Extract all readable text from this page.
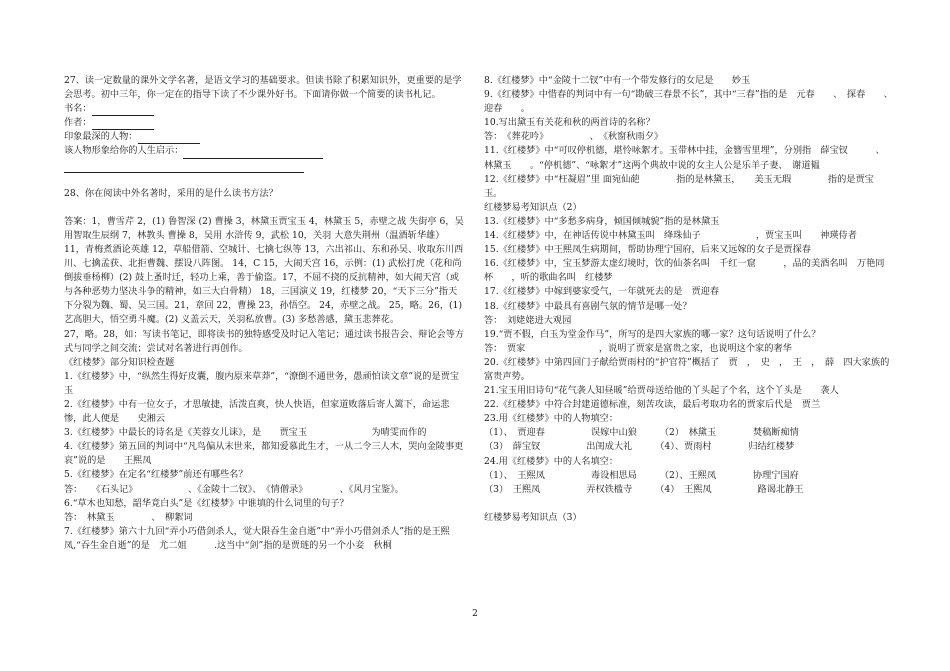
27、读一定数量的课外文学名著，是语文学习的基础要求。但读书除了积累知识外，更重要的是学会思考。初中三年，你一定在的指导下读了不少课外好书。下面请你做一个简要的读书札记。

书名：

作者：

印象最深的人物：

该人物形象给你的人生启示：

28、你在阅读中外名著时，采用的是什么读书方法？

答案：1，曹雪芹 2，(1) 鲁智深 (2) 曹操 3，林黛玉贾宝玉 4，林黛玉 5，赤壁之战 失街亭 6，吴用智取生辰纲 7，林教头 曹操 8，吴用 水浒传 9，武松 10，关羽 大意失荆州（温酒斩华雄） 11，青梅煮酒论英雄 12，草船借箭、空城计、七擒七纵等 13，六出祁山、东和孙吴、收取东川西川、七擒孟获、北拒曹魏、摆设八阵图。 14，C 15，大闹天宫 16，示例：(1) 武松打虎（花和尚倒拔垂杨柳）(2) 鼓上蚤时迁，轻功上乘，善于偷盗。17，不屈不挠的反抗精神，如大闹天宫（或与各种恶势力坚决斗争的精神，如三大白骨精） 18，三国演义 19，红楼梦 20，“天下三分”指天下分裂为魏、蜀、吴三国。21，章回 22，曹操 23，孙悟空。 24，赤壁之战。 25，略。26，(1) 艺高胆大，悟空勇斗魔。(2) 义盖云天，关羽私放曹。(3) 多愁善感，黛玉悲葬花。

27，略。28，如：写读书笔记，即将读书的独特感受及时记入笔记；通过读书报告会、辩论会等方式与同学之间交流；尝试对名著进行再创作。

《红楼梦》部分知识检查题

1.《红楼梦》中，“纵然生得好皮囊，腹内原来草莽”，“潦倒不通世务，愚顽怕读文章”说的是贾宝玉

2.《红楼梦》中有一位女子，才思敏捷，活泼直爽，快人快语，但家道败落后寄人篱下，命运悲惨，此人便是　　史湘云

3.《红楼梦》中最长的诗名是《芙蓉女儿诔》，是　　贾宝玉　　　　　　　为晴雯而作的

4.《红楼梦》第五回的判词中“凡鸟偏从末世来，都知爱慕此生才，一从二令三人木，哭向金陵事更哀”说的是　　王熙凤

5.《红楼梦》在定名“红楼梦”前还有哪些名？

答：　　《石头记》　　　　　　、《金陵十二钗》、　《情僧录》　　　　、《风月宝鉴》。

6.“草木也知愁，韶华竟白头”是《红楼梦》中谁填的什么词里的句子？

答：　林黛玉　　　　、　柳絮词

7.《红楼梦》第六十九回“弄小巧借剑杀人，觉大限吞生金自逝”中“弄小巧借剑杀人”指的是王熙凤,“吞生金自逝”的是　尤二姐　　　.这当中“剑”指的是贾琏的另一个小妾　秋桐

8.《红楼梦》中“金陵十二钗”中有一个带发修行的女尼是　　妙玉

9.《红楼梦》中惜春的判词中有一句“勘破三春景不长”，其中“三春”指的是　元春　　、　探春　　、　迎春　　。

10.写出黛玉有关花和秋的两首诗的名称？

答：　《葬花吟》　　　　　、　《秋窗秋雨夕》

11.《红楼梦》中“可叹停机德，堪怜咏絮才。玉带林中挂，金簪雪里埋”，分别指　薛宝钗　　　、林黛玉　　。“停机德”、“咏絮才”这两个典故中说的女主人公是乐羊子妻、　谢道韫

12.《红楼梦》中“枉凝眉”里 面宛仙葩　　　　指的是林黛玉，　　美玉无瑕　　　　指的是贾宝玉。

红楼梦易考知识点（2）

13.《红楼梦》中“多愁多病身，倾国倾城貌”指的是林黛玉

14.《红楼梦》中，在神话传说中林黛玉叫　绛珠仙子　　　　　　，贾宝玉叫　　神瑛侍者

15.《红楼梦》中王熙凤生病期间，帮助协理宁国府，后来又远嫁的女子是贾探春

16.《红楼梦》中，宝玉梦游太虚幻境时，饮的仙茶名叫　千红一窟　　　，品的美酒名叫　万艳同杯　　，听的歌曲名叫　红楼梦

17.《红楼梦》中嫁到婆家受气，一年就死去的是　贾迎春

18.《红楼梦》中最具有喜剧气氛的情节是哪一处？

答：　刘姥姥进大观园

19.“贾不假，白玉为堂金作马”，所写的是四大家族的哪一家？这句话说明了什么？

答：　贾家　　　　　　　　，说明了贾家是富贵之家，也说明这个家的奢华

20.《红楼梦》中第四回门子献给贾雨村的“护官符”概括了　贾　，　史　，　王　，　薛　四大家族的富贵声势。

21.宝玉用旧诗句“花气袭人知昼暖”给贾母送给他的丫头起了个名，这个丫头是　　袭人

22.《红楼梦》中符合封建道德标准，刻苦攻读，最后考取功名的贾家后代是　贾兰

23.用《红楼梦》中的人物填空：

（1）、　贾迎春　　　　　误嫁中山狼　　　（2）　林黛玉　　　　焚稿断痴情

（3）　薛宝钗　　　　　出闺成大礼　　　（4）、贾雨村　　　　归结红楼梦

24.用《红楼梦》中的人名填空：

（1）、　王熙凤　　　　　毒设相思局　　　（2）、王熙凤　　　　协理宁国府

（3）　王熙凤　　　　　弄权铁槛寺　　　（4）　王熙凤　　　　　路谒北静王

红楼梦易考知识点（3）

2
